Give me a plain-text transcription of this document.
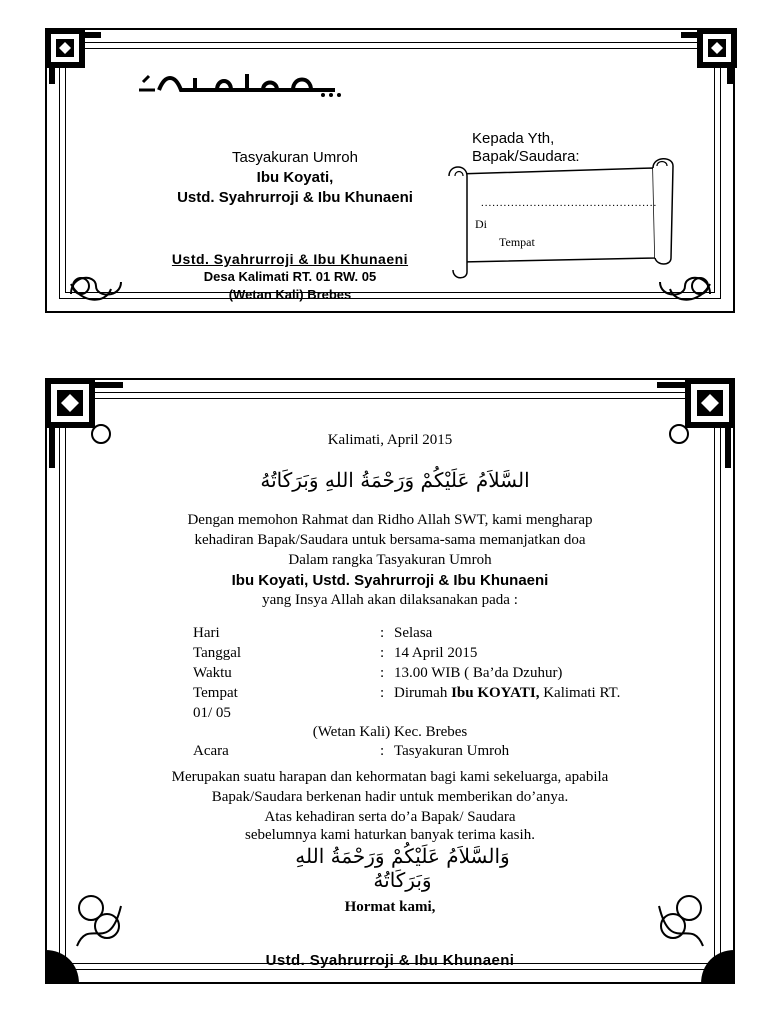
Tasyakuran Umroh
Ibu Koyati,
Ustd. Syahrurroji & Ibu Khunaeni
Ustd. Syahrurroji & Ibu Khunaeni
Desa Kalimati RT. 01 RW. 05
(Wetan Kali) Brebes
Kepada Yth,
Bapak/Saudara:
...............................................
Di
Tempat
Kalimati, April 2015
السَّلاَمُ عَلَيْكُمْ وَرَحْمَةُ اللهِ وَبَرَكَاتُهُ
Dengan memohon Rahmat dan Ridho Allah SWT, kami mengharap
kehadiran Bapak/Saudara untuk bersama-sama memanjatkan doa
Dalam rangka Tasyakuran Umroh
Ibu Koyati, Ustd. Syahrurroji & Ibu Khunaeni
yang Insya Allah akan dilaksanakan pada :
Hari	: Selasa
Tanggal	: 14 April 2015
Waktu	: 13.00 WIB ( Ba’da Dzuhur)
Tempat	: Dirumah Ibu KOYATI, Kalimati RT.
01/ 05
(Wetan Kali) Kec. Brebes
Acara	: Tasyakuran Umroh
Merupakan suatu harapan dan kehormatan bagi kami sekeluarga, apabila
Bapak/Saudara berkenan hadir untuk memberikan do’anya.
Atas kehadiran serta do’a Bapak/ Saudara
sebelumnya kami haturkan banyak terima kasih.
وَالسَّلاَمُ عَلَيْكُمْ وَرَحْمَةُ اللهِ وَبَرَكَاتُهُ
Hormat kami,
Ustd. Syahrurroji & Ibu Khunaeni
